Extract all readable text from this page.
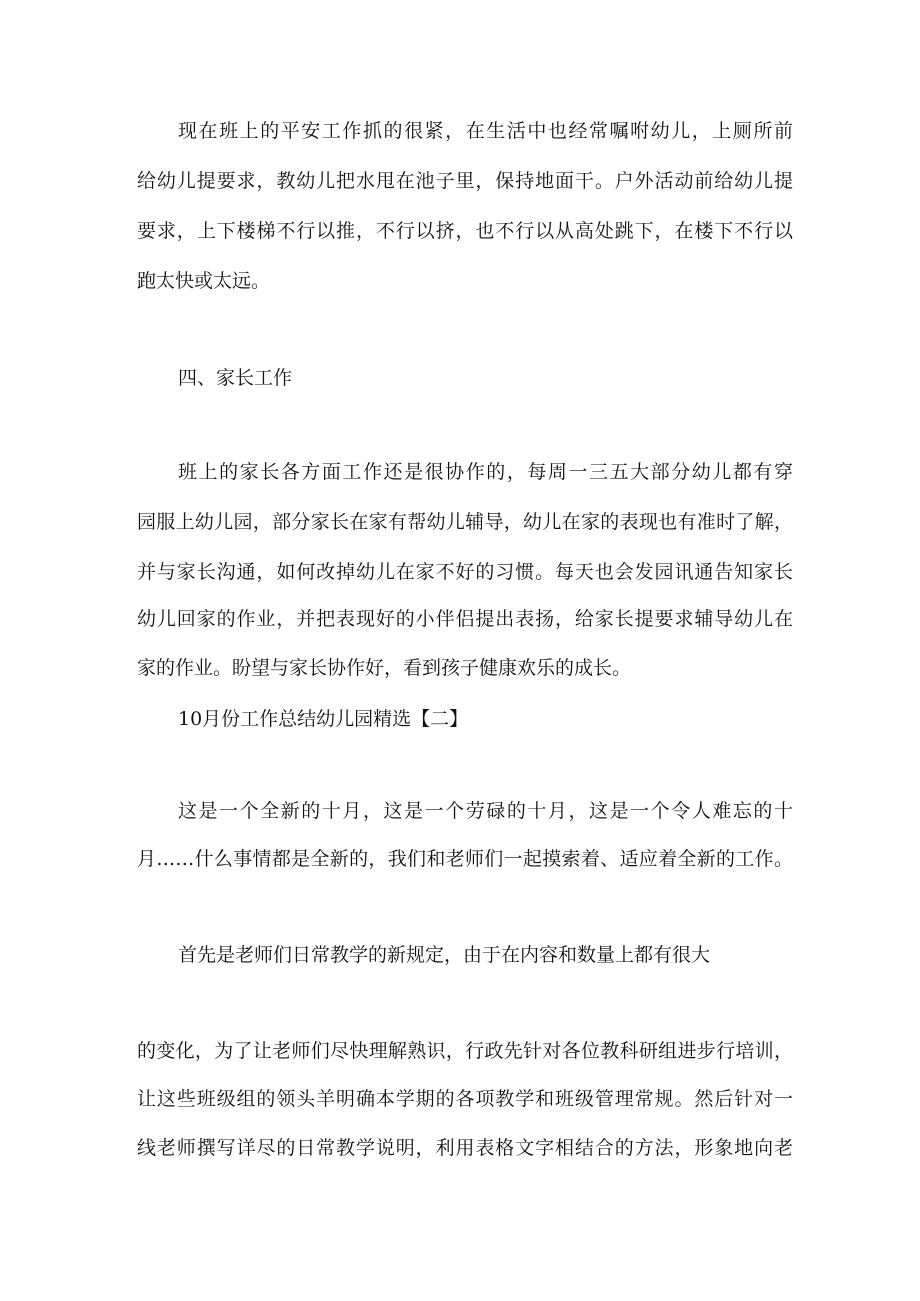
现在班上的平安工作抓的很紧，在生活中也经常嘱咐幼儿，上厕所前
给幼儿提要求，教幼儿把水甩在池子里，保持地面干。户外活动前给幼儿提
要求，上下楼梯不行以推，不行以挤，也不行以从高处跳下，在楼下不行以
跑太快或太远。
四、家长工作
班上的家长各方面工作还是很协作的，每周一三五大部分幼儿都有穿
园服上幼儿园，部分家长在家有帮幼儿辅导，幼儿在家的表现也有准时了解，
并与家长沟通，如何改掉幼儿在家不好的习惯。每天也会发园讯通告知家长
幼儿回家的作业，并把表现好的小伴侣提出表扬，给家长提要求辅导幼儿在
家的作业。盼望与家长协作好，看到孩子健康欢乐的成长。
10月份工作总结幼儿园精选【二】
这是一个全新的十月，这是一个劳碌的十月，这是一个令人难忘的十
月……什么事情都是全新的，我们和老师们一起摸索着、适应着全新的工作。
首先是老师们日常教学的新规定，由于在内容和数量上都有很大
的变化，为了让老师们尽快理解熟识，行政先针对各位教科研组进步行培训，
让这些班级组的领头羊明确本学期的各项教学和班级管理常规。然后针对一
线老师撰写详尽的日常教学说明，利用表格文字相结合的方法，形象地向老
